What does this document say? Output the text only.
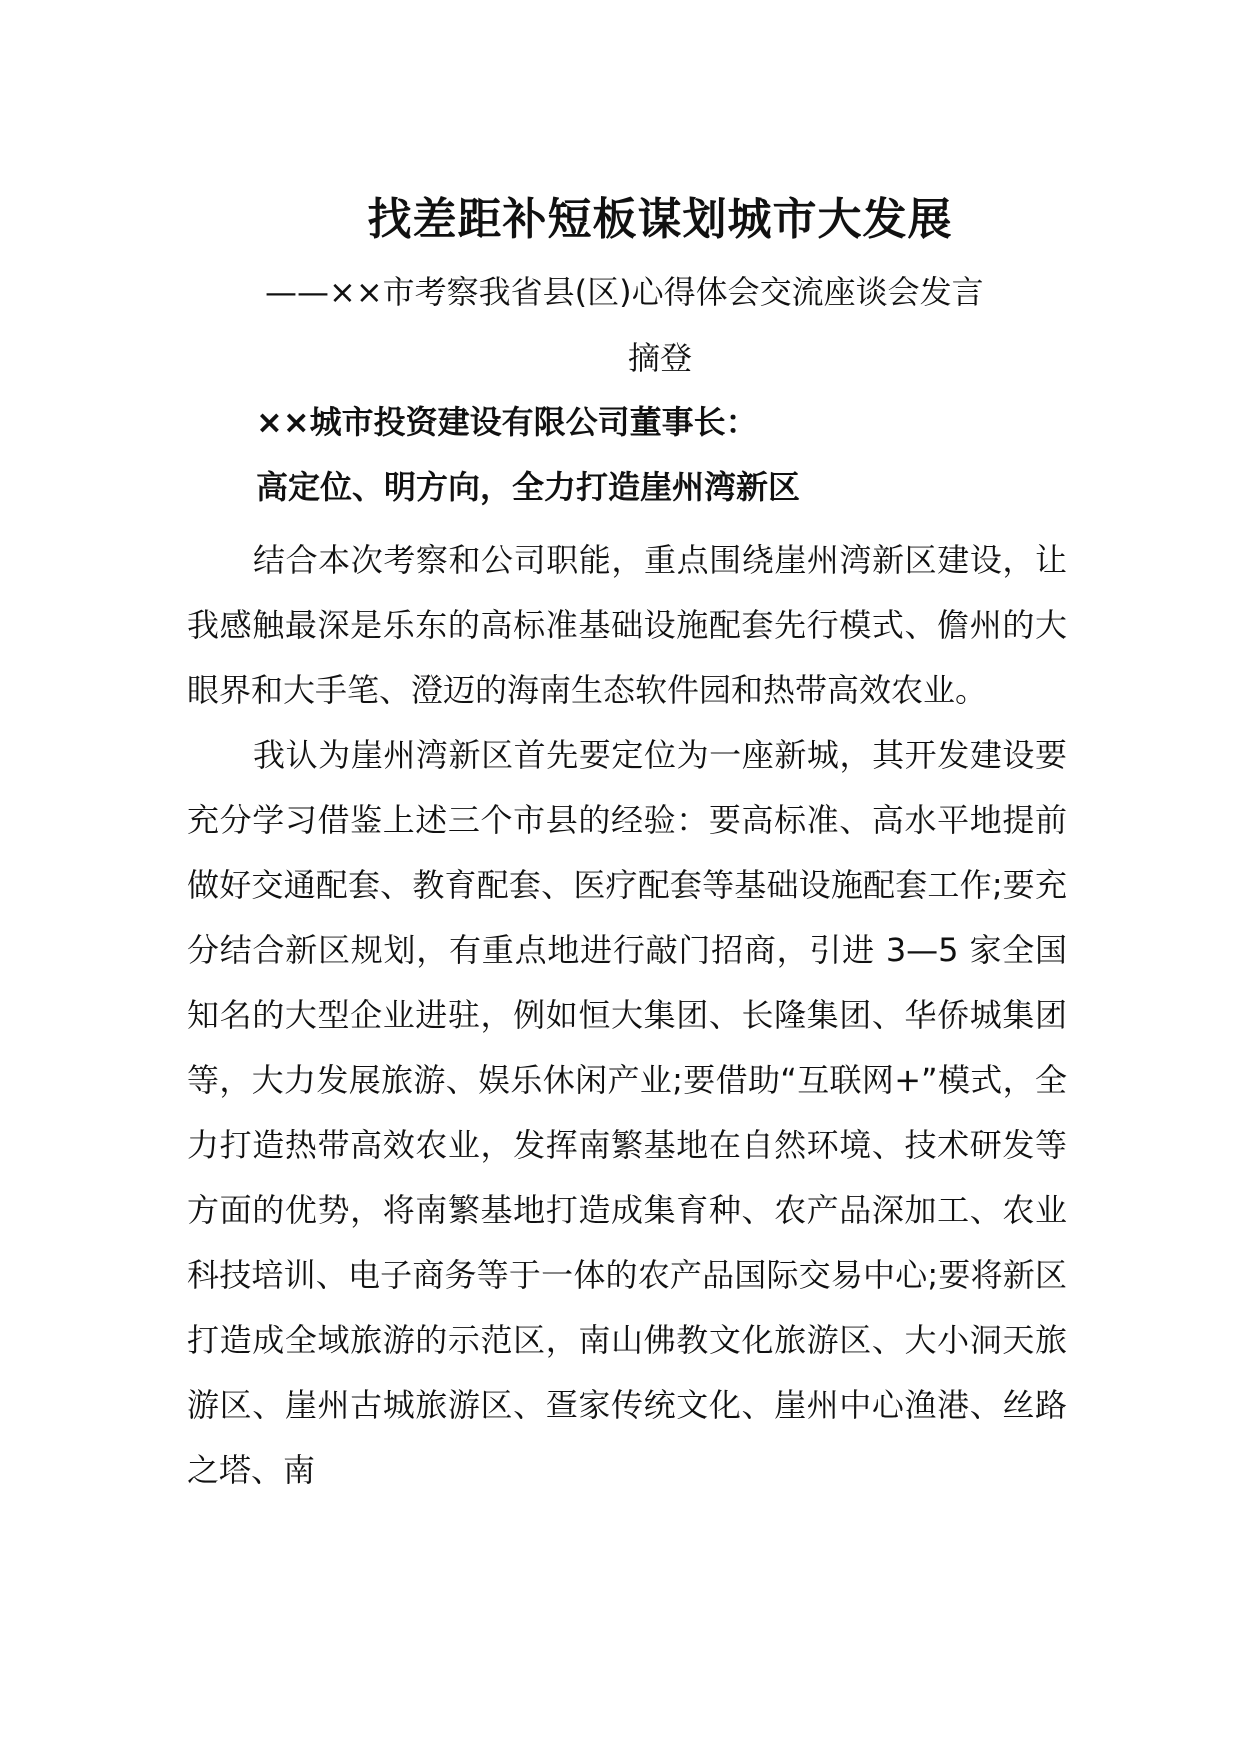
找差距补短板谋划城市大发展
——××市考察我省县(区)心得体会交流座谈会发言
摘登
××城市投资建设有限公司董事长：
高定位、明方向，全力打造崖州湾新区

结合本次考察和公司职能，重点围绕崖州湾新区建设，让我感触最深是乐东的高标准基础设施配套先行模式、儋州的大眼界和大手笔、澄迈的海南生态软件园和热带高效农业。

我认为崖州湾新区首先要定位为一座新城，其开发建设要充分学习借鉴上述三个市县的经验：要高标准、高水平地提前做好交通配套、教育配套、医疗配套等基础设施配套工作;要充分结合新区规划，有重点地进行敲门招商，引进 3—5 家全国知名的大型企业进驻，例如恒大集团、长隆集团、华侨城集团等，大力发展旅游、娱乐休闲产业;要借助“互联网+”模式，全力打造热带高效农业，发挥南繁基地在自然环境、技术研发等方面的优势，将南繁基地打造成集育种、农产品深加工、农业科技培训、电子商务等于一体的农产品国际交易中心;要将新区打造成全域旅游的示范区，南山佛教文化旅游区、大小洞天旅游区、崖州古城旅游区、疍家传统文化、崖州中心渔港、丝路之塔、南
